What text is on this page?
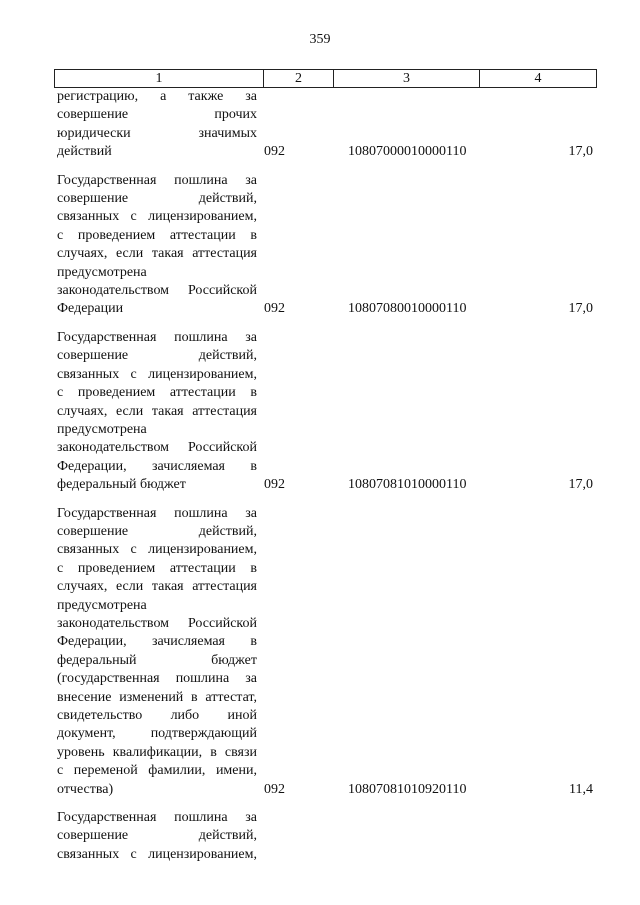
359
1	2	3	4
регистрацию, а также за
совершение прочих
юридически значимых
действий	092	10807000010000110	17,0
Государственная пошлина за
совершение действий,
связанных с лицензированием,
с проведением аттестации в
случаях, если такая аттестация
предусмотрена
законодательством Российской
Федерации	092	10807080010000110	17,0
Государственная пошлина за
совершение действий,
связанных с лицензированием,
с проведением аттестации в
случаях, если такая аттестация
предусмотрена
законодательством Российской
Федерации, зачисляемая в
федеральный бюджет	092	10807081010000110	17,0
Государственная пошлина за
совершение действий,
связанных с лицензированием,
с проведением аттестации в
случаях, если такая аттестация
предусмотрена
законодательством Российской
Федерации, зачисляемая в
федеральный бюджет
(государственная пошлина за
внесение изменений в аттестат,
свидетельство либо иной
документ, подтверждающий
уровень квалификации, в связи
с переменой фамилии, имени,
отчества)	092	10807081010920110	11,4
Государственная пошлина за
совершение действий,
связанных с лицензированием,
